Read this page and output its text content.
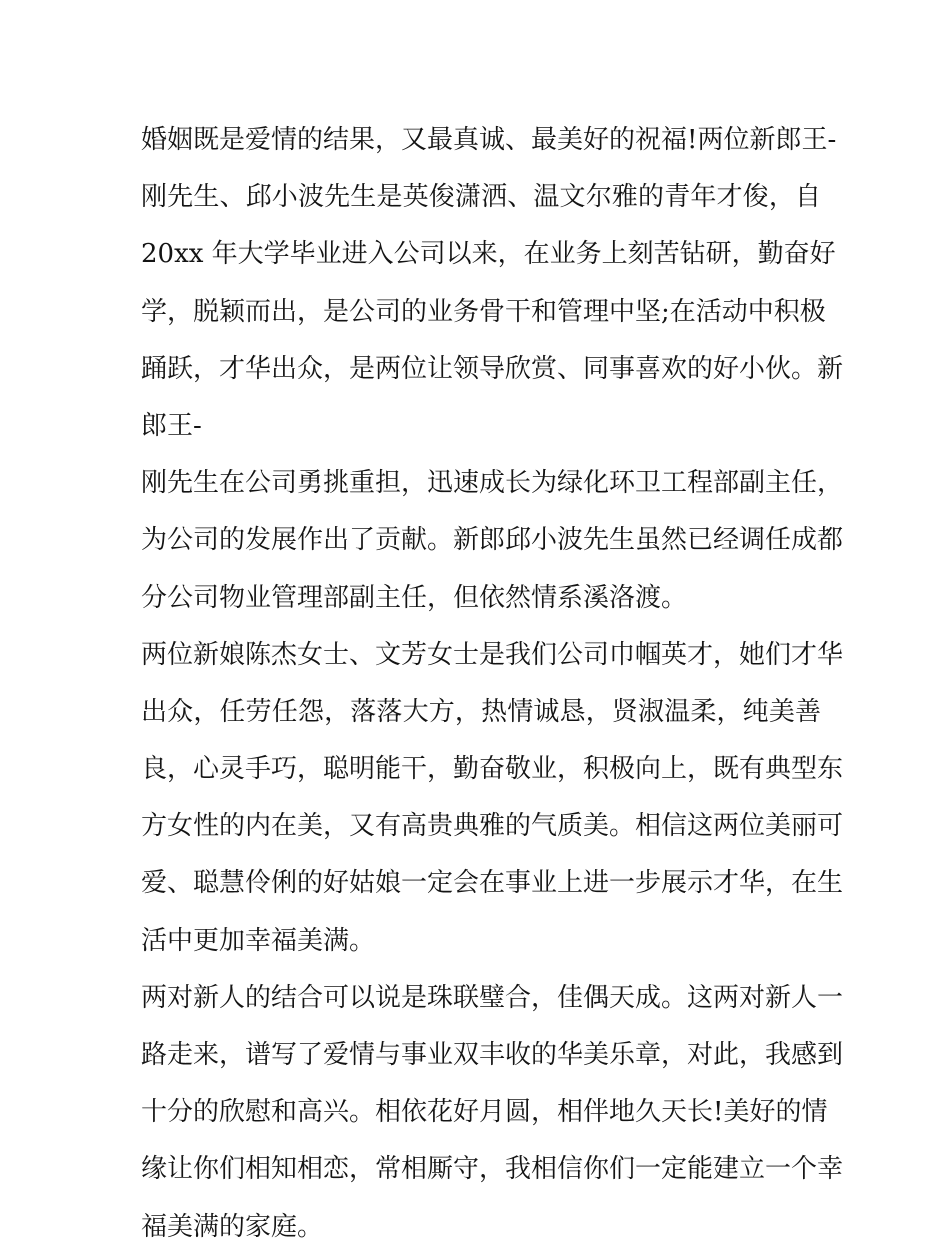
婚姻既是爱情的结果，又最真诚、最美好的祝福!两位新郎王-
刚先生、邱小波先生是英俊潇洒、温文尔雅的青年才俊，自
20xx 年大学毕业进入公司以来，在业务上刻苦钻研，勤奋好
学，脱颖而出，是公司的业务骨干和管理中坚;在活动中积极
踊跃，才华出众，是两位让领导欣赏、同事喜欢的好小伙。新
郎王-
刚先生在公司勇挑重担，迅速成长为绿化环卫工程部副主任，
为公司的发展作出了贡献。新郎邱小波先生虽然已经调任成都
分公司物业管理部副主任，但依然情系溪洛渡。
两位新娘陈杰女士、文芳女士是我们公司巾帼英才，她们才华
出众，任劳任怨，落落大方，热情诚恳，贤淑温柔，纯美善
良，心灵手巧，聪明能干，勤奋敬业，积极向上，既有典型东
方女性的内在美，又有高贵典雅的气质美。相信这两位美丽可
爱、聪慧伶俐的好姑娘一定会在事业上进一步展示才华，在生
活中更加幸福美满。
两对新人的结合可以说是珠联璧合，佳偶天成。这两对新人一
路走来，谱写了爱情与事业双丰收的华美乐章，对此，我感到
十分的欣慰和高兴。相依花好月圆，相伴地久天长!美好的情
缘让你们相知相恋，常相厮守，我相信你们一定能建立一个幸
福美满的家庭。
